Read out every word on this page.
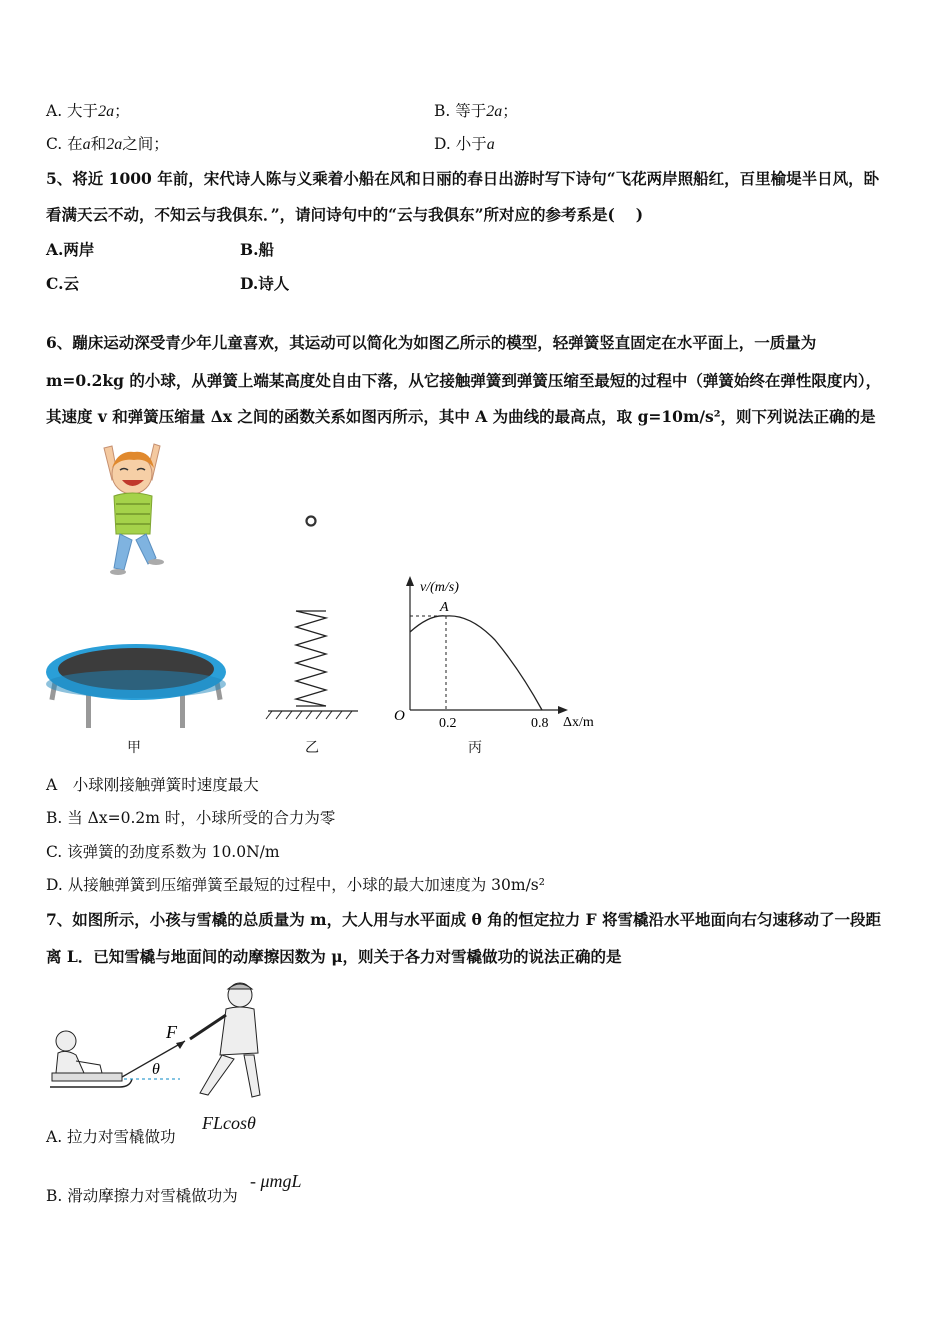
A. 大于2a；	B. 等于2a；
C. 在a和2a之间；	D. 小于a
5、将近 1000 年前，宋代诗人陈与义乘着小船在风和日丽的春日出游时写下诗句“飞花两岸照船红，百里榆堤半日风，卧
看满天云不动，不知云与我俱东．”，请问诗句中的“云与我俱东”所对应的参考系是(　 )
A.两岸	B.船
C.云	D.诗人
6、蹦床运动深受青少年儿童喜欢，其运动可以简化为如图乙所示的模型，轻弹簧竖直固定在水平面上，一质量为
m=0.2kg 的小球，从弹簧上端某高度处自由下落，从它接触弹簧到弹簧压缩至最短的过程中（弹簧始终在弹性限度内），
其速度 v 和弹簧压缩量 Δx 之间的函数关系如图丙所示，其中 A 为曲线的最高点，取 g=10m/s²，则下列说法正确的是
甲	乙
v/(m/s)
A
O 0.2	0.8 Δx/m
丙
A　小球刚接触弹簧时速度最大
B. 当 Δx=0.2m 时，小球所受的合力为零
C. 该弹簧的劲度系数为 10.0N/m
D. 从接触弹簧到压缩弹簧至最短的过程中，小球的最大加速度为 30m/s²
7、如图所示，小孩与雪橇的总质量为 m，大人用与水平面成 θ 角的恒定拉力 F 将雪橇沿水平地面向右匀速移动了一段距
离 L．已知雪橇与地面间的动摩擦因数为 μ，则关于各力对雪橇做功的说法正确的是
F
θ
A. 拉力对雪橇做功
FLcosθ
B. 滑动摩擦力对雪橇做功为
- μmgL
